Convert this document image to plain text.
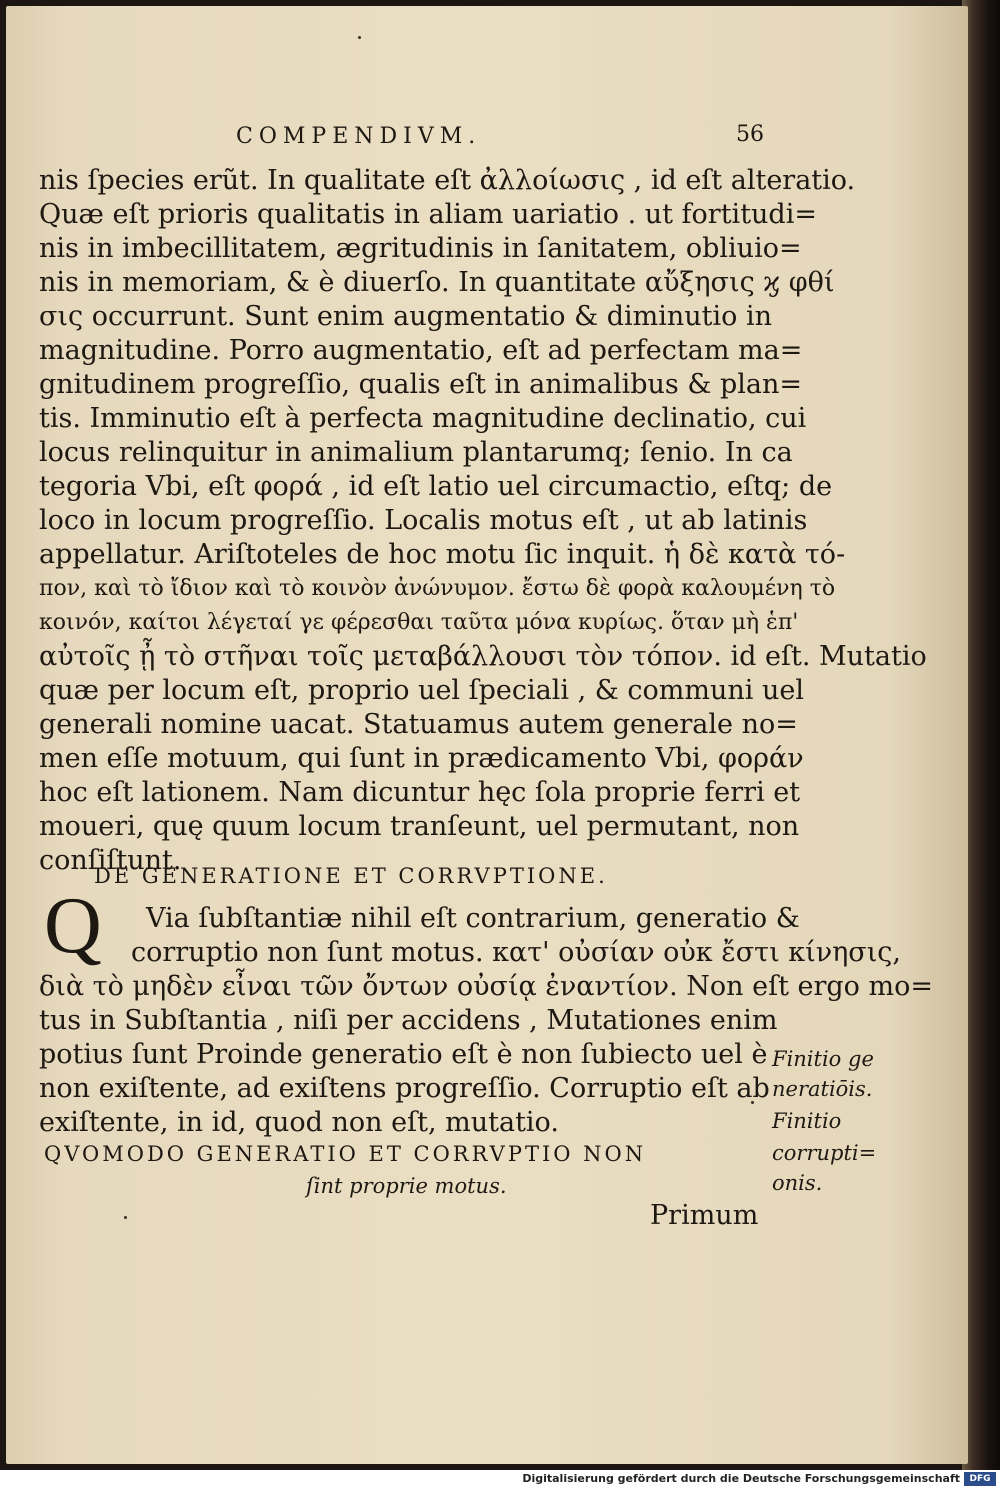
COMPENDIVM.	56
nis ſpecies erũt. In qualitate eſt ἀλλοίωσις , id eſt alteratio.
Quæ eſt prioris qualitatis in aliam uariatio . ut fortitudi=
nis in imbecillitatem, ægritudinis in ſanitatem, obliuio=
nis in memoriam, & è diuerſo. In quantitate αὔξησις ϗ φθί
σις occurrunt. Sunt enim augmentatio & diminutio in
magnitudine. Porro augmentatio, eſt ad perfectam ma=
gnitudinem progreſſio, qualis eſt in animalibus & plan=
tis. Imminutio eſt à perfecta magnitudine declinatio, cui
locus relinquitur in animalium plantarumq; ſenio. In ca
tegoria Vbi, eſt φορά , id eſt latio uel circumactio, eſtq; de
loco in locum progreſſio. Localis motus eſt , ut ab latinis
appellatur. Ariſtoteles de hoc motu ſic inquit. ἡ δὲ κατὰ τό-
πον, καὶ τὸ ἴδιον καὶ τὸ κοινὸν ἀνώνυμον. ἔστω δὲ φορὰ καλουμένη τὸ
κοινόν, καίτοι λέγεταί γε φέρεσθαι ταῦτα μόνα κυρίως. ὅταν μὴ ἑπ'
αὐτοῖς ᾖ τὸ στῆναι τοῖς μεταβάλλουσι τὸν τόπον. id eſt. Mutatio
quæ per locum eſt, proprio uel ſpeciali , & communi uel
generali nomine uacat. Statuamus autem generale no=
men eſſe motuum, qui ſunt in prædicamento Vbi, φοράν
hoc eſt lationem. Nam dicuntur hęc ſola proprie ferri et
moueri, quę quum locum tranſeunt, uel permutant, non
conſiſtunt.
DE GENERATIONE ET CORRVPTIONE.
Q Via ſubſtantiæ nihil eſt contrarium, generatio &
corruptio non ſunt motus. κατ' οὐσίαν οὐκ ἔστι κίνησις,
διὰ τὸ μηδὲν εἶναι τῶν ὄντων οὐσίᾳ ἐναντίον. Non eſt ergo mo=
tus in Subſtantia , niſi per accidens , Mutationes enim
potius ſunt Proinde generatio eſt è non ſubiecto uel è
non exiſtente, ad exiſtens progreſſio. Corruptio eſt ab
exiſtente, in id, quod non eſt, mutatio.
QVOMODO GENERATIO ET CORRVPTIO NON
ſint proprie motus.
Primum
Finitio ge
neratiōis.
Finitio
corrupti=
onis.
Digitalisierung gefördert durch die Deutsche Forschungsgemeinschaft	DFG
